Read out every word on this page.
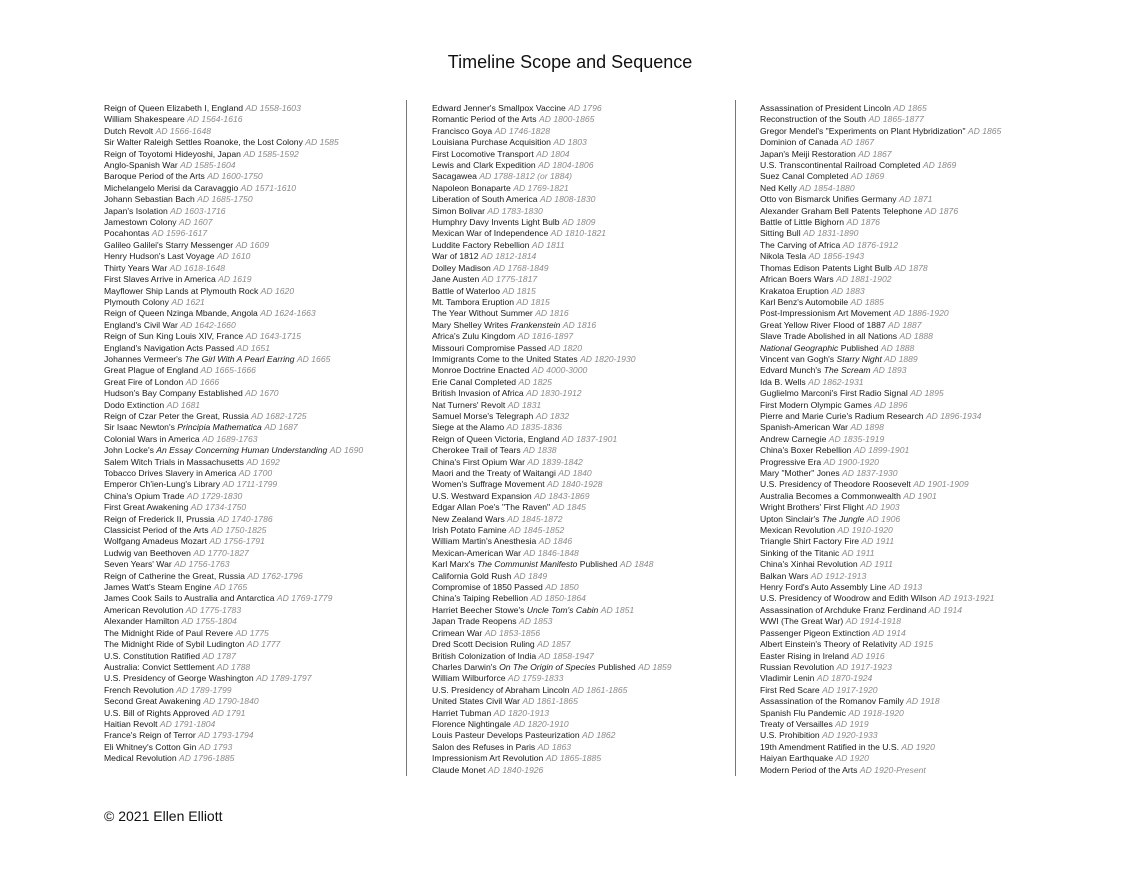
Timeline Scope and Sequence
Reign of Queen Elizabeth I, England AD 1558-1603
William Shakespeare AD 1564-1616
Dutch Revolt AD 1566-1648
Sir Walter Raleigh Settles Roanoke, the Lost Colony AD 1585
Reign of Toyotomi Hideyoshi, Japan AD 1585-1592
Anglo-Spanish War AD 1585-1604
Baroque Period of the Arts AD 1600-1750
Michelangelo Merisi da Caravaggio AD 1571-1610
Johann Sebastian Bach AD 1685-1750
Japan's Isolation AD 1603-1716
Jamestown Colony AD 1607
Pocahontas AD 1596-1617
Galileo Galilei's Starry Messenger AD 1609
Henry Hudson's Last Voyage AD 1610
Thirty Years War AD 1618-1648
First Slaves Arrive in America AD 1619
Mayflower Ship Lands at Plymouth Rock AD 1620
Plymouth Colony AD 1621
Reign of Queen Nzinga Mbande, Angola AD 1624-1663
England's Civil War AD 1642-1660
Reign of Sun King Louis XIV, France AD 1643-1715
England's Navigation Acts Passed AD 1651
Johannes Vermeer's The Girl With A Pearl Earring AD 1665
Great Plague of England AD 1665-1666
Great Fire of London AD 1666
Hudson's Bay Company Established AD 1670
Dodo Extinction AD 1681
Reign of Czar Peter the Great, Russia AD 1682-1725
Sir Isaac Newton's Principia Mathematica AD 1687
Colonial Wars in America AD 1689-1763
John Locke's An Essay Concerning Human Understanding AD 1690
Salem Witch Trials in Massachusetts AD 1692
Tobacco Drives Slavery in America AD 1700
Emperor Ch'ien-Lung's Library AD 1711-1799
China's Opium Trade AD 1729-1830
First Great Awakening AD 1734-1750
Reign of Frederick II, Prussia AD 1740-1786
Classicist Period of the Arts AD 1750-1825
Wolfgang Amadeus Mozart AD 1756-1791
Ludwig van Beethoven AD 1770-1827
Seven Years' War AD 1756-1763
Reign of Catherine the Great, Russia AD 1762-1796
James Watt's Steam Engine AD 1765
James Cook Sails to Australia and Antarctica AD 1769-1779
American Revolution AD 1775-1783
Alexander Hamilton AD 1755-1804
The Midnight Ride of Paul Revere AD 1775
The Midnight Ride of Sybil Ludington AD 1777
U.S. Constitution Ratified AD 1787
Australia: Convict Settlement AD 1788
U.S. Presidency of George Washington AD 1789-1797
French Revolution AD 1789-1799
Second Great Awakening AD 1790-1840
U.S. Bill of Rights Approved AD 1791
Haitian Revolt AD 1791-1804
France's Reign of Terror AD 1793-1794
Eli Whitney's Cotton Gin AD 1793
Medical Revolution AD 1796-1885
Edward Jenner's Smallpox Vaccine AD 1796
Romantic Period of the Arts AD 1800-1865
Francisco Goya AD 1746-1828
Louisiana Purchase Acquisition AD 1803
First Locomotive Transport AD 1804
Lewis and Clark Expedition AD 1804-1806
Sacagawea AD 1788-1812 (or 1884)
Napoleon Bonaparte AD 1769-1821
Liberation of South America AD 1808-1830
Simon Bolivar AD 1783-1830
Humphry Davy Invents Light Bulb AD 1809
Mexican War of Independence AD 1810-1821
Luddite Factory Rebellion AD 1811
War of 1812 AD 1812-1814
Dolley Madison AD 1768-1849
Jane Austen AD 1775-1817
Battle of Waterloo AD 1815
Mt. Tambora Eruption AD 1815
The Year Without Summer AD 1816
Mary Shelley Writes Frankenstein AD 1816
Africa's Zulu Kingdom AD 1816-1897
Missouri Compromise Passed AD 1820
Immigrants Come to the United States AD 1820-1930
Monroe Doctrine Enacted AD 4000-3000
Erie Canal Completed AD 1825
British Invasion of Africa AD 1830-1912
Nat Turners' Revolt AD 1831
Samuel Morse's Telegraph AD 1832
Siege at the Alamo AD 1835-1836
Reign of Queen Victoria, England AD 1837-1901
Cherokee Trail of Tears AD 1838
China's First Opium War AD 1839-1842
Maori and the Treaty of Waitangi AD 1840
Women's Suffrage Movement AD 1840-1928
U.S. Westward Expansion AD 1843-1869
Edgar Allan Poe's "The Raven" AD 1845
New Zealand Wars AD 1845-1872
Irish Potato Famine AD 1845-1852
William Martin's Anesthesia AD 1846
Mexican-American War AD 1846-1848
Karl Marx's The Communist Manifesto Published AD 1848
California Gold Rush AD 1849
Compromise of 1850 Passed AD 1850
China's Taiping Rebellion AD 1850-1864
Harriet Beecher Stowe's Uncle Tom's Cabin AD 1851
Japan Trade Reopens AD 1853
Crimean War AD 1853-1856
Dred Scott Decision Ruling AD 1857
British Colonization of India AD 1858-1947
Charles Darwin's On The Origin of Species Published AD 1859
William Wilburforce AD 1759-1833
U.S. Presidency of Abraham Lincoln AD 1861-1865
United States Civil War AD 1861-1865
Harriet Tubman AD 1820-1913
Florence Nightingale AD 1820-1910
Louis Pasteur Develops Pasteurization AD 1862
Salon des Refuses in Paris AD 1863
Impressionism Art Revolution AD 1865-1885
Claude Monet AD 1840-1926
Assassination of President Lincoln AD 1865
Reconstruction of the South AD 1865-1877
Gregor Mendel's "Experiments on Plant Hybridization" AD 1865
Dominion of Canada AD 1867
Japan's Meiji Restoration AD 1867
U.S. Transcontinental Railroad Completed AD 1869
Suez Canal Completed AD 1869
Ned Kelly AD 1854-1880
Otto von Bismarck Unifies Germany AD 1871
Alexander Graham Bell Patents Telephone AD 1876
Battle of Little Bighorn AD 1876
Sitting Bull AD 1831-1890
The Carving of Africa AD 1876-1912
Nikola Tesla AD 1856-1943
Thomas Edison Patents Light Bulb AD 1878
African Boers Wars AD 1881-1902
Krakatoa Eruption AD 1883
Karl Benz's Automobile AD 1885
Post-Impressionism Art Movement AD 1886-1920
Great Yellow River Flood of 1887 AD 1887
Slave Trade Abolished in all Nations AD 1888
National Geographic Published AD 1888
Vincent van Gogh's Starry Night AD 1889
Edvard Munch's The Scream AD 1893
Ida B. Wells AD 1862-1931
Guglielmo Marconi's First Radio Signal AD 1895
First Modern Olympic Games AD 1896
Pierre and Marie Curie's Radium Research AD 1896-1934
Spanish-American War AD 1898
Andrew Carnegie AD 1835-1919
China's Boxer Rebellion AD 1899-1901
Progressive Era AD 1900-1920
Mary "Mother" Jones AD 1837-1930
U.S. Presidency of Theodore Roosevelt AD 1901-1909
Australia Becomes a Commonwealth AD 1901
Wright Brothers' First Flight AD 1903
Upton Sinclair's The Jungle AD 1906
Mexican Revolution AD 1910-1920
Triangle Shirt Factory Fire AD 1911
Sinking of the Titanic AD 1911
China's Xinhai Revolution AD 1911
Balkan Wars AD 1912-1913
Henry Ford's Auto Assembly Line AD 1913
U.S. Presidency of Woodrow and Edith Wilson AD 1913-1921
Assassination of Archduke Franz Ferdinand AD 1914
WWI (The Great War) AD 1914-1918
Passenger Pigeon Extinction AD 1914
Albert Einstein's Theory of Relativity AD 1915
Easter Rising in Ireland AD 1916
Russian Revolution AD 1917-1923
Vladimir Lenin AD 1870-1924
First Red Scare AD 1917-1920
Assassination of the Romanov Family AD 1918
Spanish Flu Pandemic AD 1918-1920
Treaty of Versailles AD 1919
U.S. Prohibition AD 1920-1933
19th Amendment Ratified in the U.S. AD 1920
Haiyan Earthquake AD 1920
Modern Period of the Arts AD 1920-Present
© 2021 Ellen Elliott
